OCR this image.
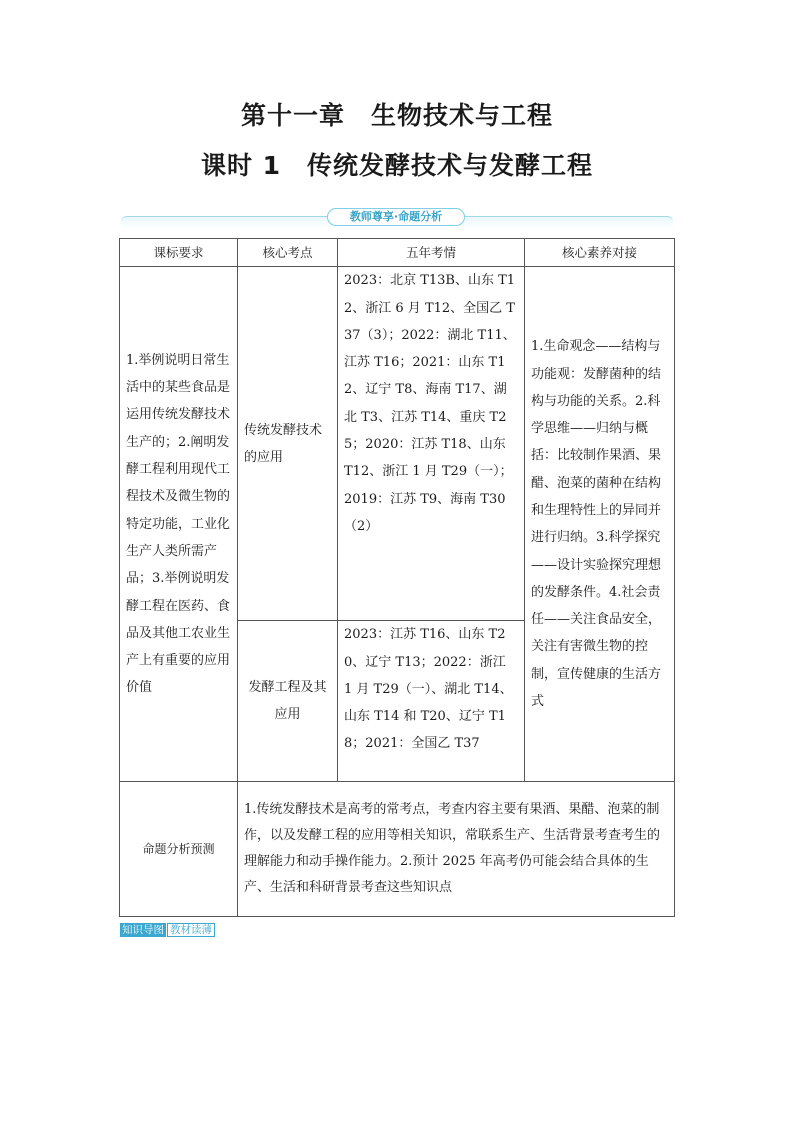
第十一章　生物技术与工程
课时 1　传统发酵技术与发酵工程
教师尊享·命题分析
课标要求	核心考点	五年考情	核心素养对接
1.举例说明日常生活中的某些食品是运用传统发酵技术生产的；2.阐明发酵工程利用现代工程技术及微生物的特定功能，工业化生产人类所需产品；3.举例说明发酵工程在医药、食品及其他工农业生产上有重要的应用价值	传统发酵技术的应用	2023：北京 T13B、山东 T12、浙江 6 月 T12、全国乙 T37（3）；2022：湖北 T11、江苏 T16；2021：山东 T12、辽宁 T8、海南 T17、湖北 T3、江苏 T14、重庆 T25；2020：江苏 T18、山东 T12、浙江 1 月 T29（一）；2019：江苏 T9、海南 T30（2）	1.生命观念——结构与功能观：发酵菌种的结构与功能的关系。2.科学思维——归纳与概括：比较制作果酒、果醋、泡菜的菌种在结构和生理特性上的异同并进行归纳。3.科学探究——设计实验探究理想的发酵条件。4.社会责任——关注食品安全，关注有害微生物的控制，宣传健康的生活方式
	发酵工程及其应用	2023：江苏 T16、山东 T20、辽宁 T13；2022：浙江 1 月 T29（一）、湖北 T14、山东 T14 和 T20、辽宁 T18；2021：全国乙 T37	
命题分析预测	1.传统发酵技术是高考的常考点，考查内容主要有果酒、果醋、泡菜的制作，以及发酵工程的应用等相关知识，常联系生产、生活背景考查考生的理解能力和动手操作能力。2.预计 2025 年高考仍可能会结合具体的生产、生活和科研背景考查这些知识点		
知识导图 教材读薄
